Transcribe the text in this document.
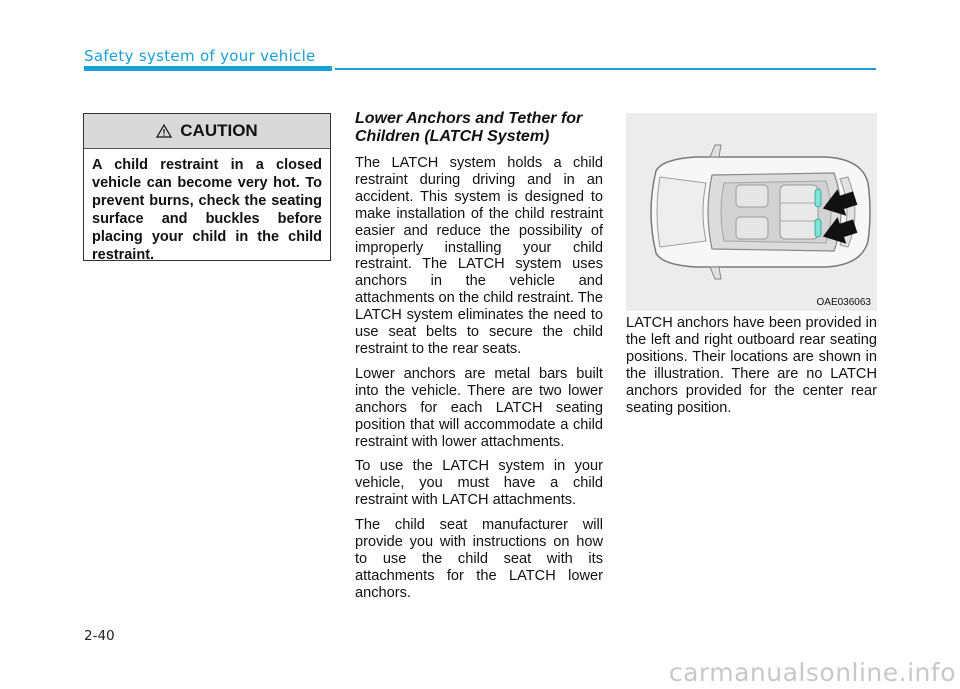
Safety system of your vehicle
CAUTION
A child restraint in a closed vehicle can become very hot. To prevent burns, check the seating surface and buckles before placing your child in the child restraint.
Lower Anchors and Tether for Children (LATCH System)

The LATCH system holds a child restraint during driving and in an accident. This system is designed to make installation of the child restraint easier and reduce the possibility of improperly installing your child restraint. The LATCH system uses anchors in the vehicle and attachments on the child restraint. The LATCH system eliminates the need to use seat belts to secure the child restraint to the rear seats.

Lower anchors are metal bars built into the vehicle. There are two lower anchors for each LATCH seating position that will accommodate a child restraint with lower attachments.

To use the LATCH system in your vehicle, you must have a child restraint with LATCH attachments.

The child seat manufacturer will provide you with instructions on how to use the child seat with its attachments for the LATCH lower anchors.

OAE036063

LATCH anchors have been provided in the left and right outboard rear seating positions. Their locations are shown in the illustration. There are no LATCH anchors provided for the center rear seating position.

2-40
carmanualsonline.info
